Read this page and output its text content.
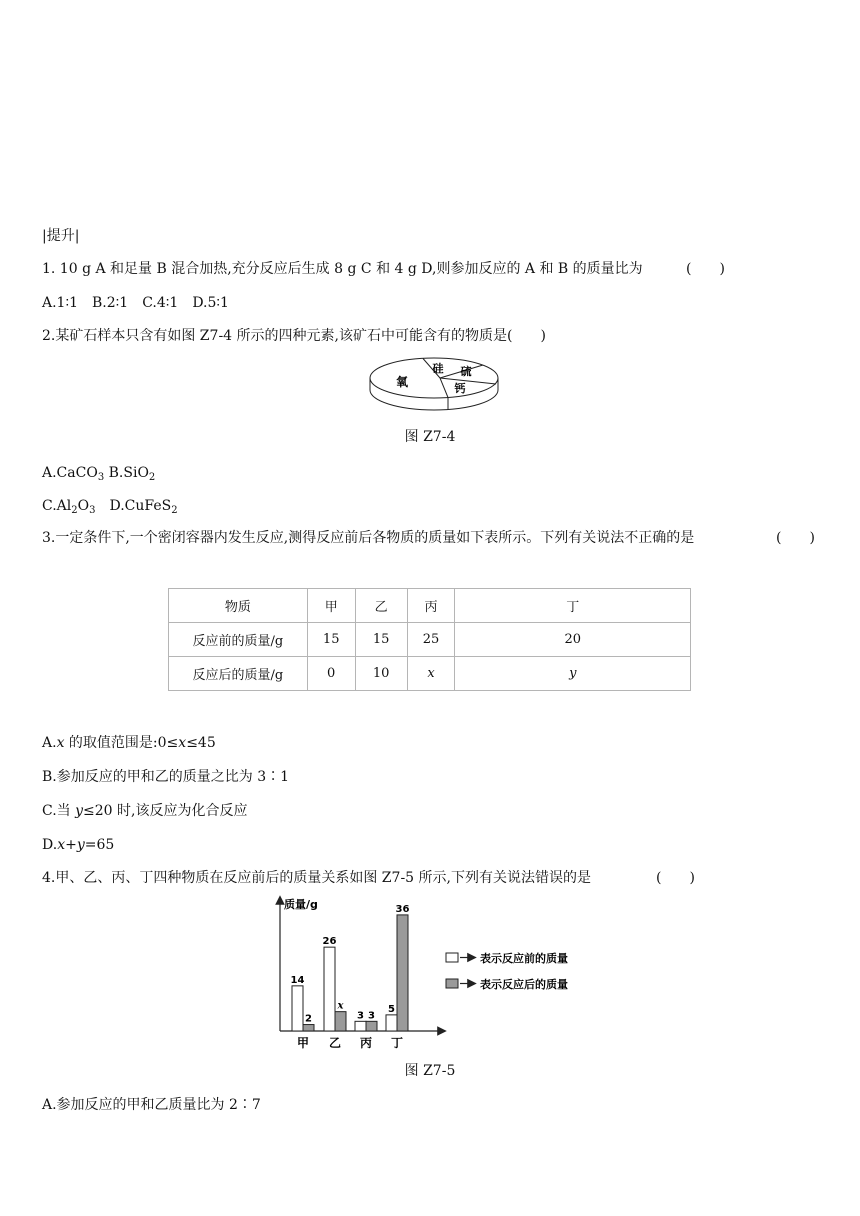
|提升|
1. 10 g A 和足量 B 混合加热,充分反应后生成 8 g C 和 4 g D,则参加反应的 A 和 B 的质量比为	(　　)
A.1∶1　B.2∶1　C.4∶1　D.5∶1
2.某矿石样本只含有如图 Z7-4 所示的四种元素,该矿石中可能含有的物质是(　　)
氧
硅 硫
钙
图 Z7-4
A.CaCO$_3$ B.SiO$_2$
$C.Al_2O_3$　D.CuFeS$_2$
3.一定条件下,一个密闭容器内发生反应,测得反应前后各物质的质量如下表所示。下列有关说法不正确的是	(　　)
物质	甲	乙	丙	丁
反应前的质量/g	15	15	25	20
反应后的质量/g	0	10	x	y
A.x 的取值范围是:0≤x≤45
B.参加反应的甲和乙的质量之比为 3∶1
C.当 y≤20 时,该反应为化合反应
D.x+y=65
4.甲、乙、丙、丁四种物质在反应前后的质量关系如图 Z7-5 所示,下列有关说法错误的是	(　　)
质量/g
14
2
甲
26
x
乙
3 3
丙
5
36
丁
表示反应前的质量
表示反应后的质量
图 Z7-5
A.参加反应的甲和乙质量比为 2∶7
